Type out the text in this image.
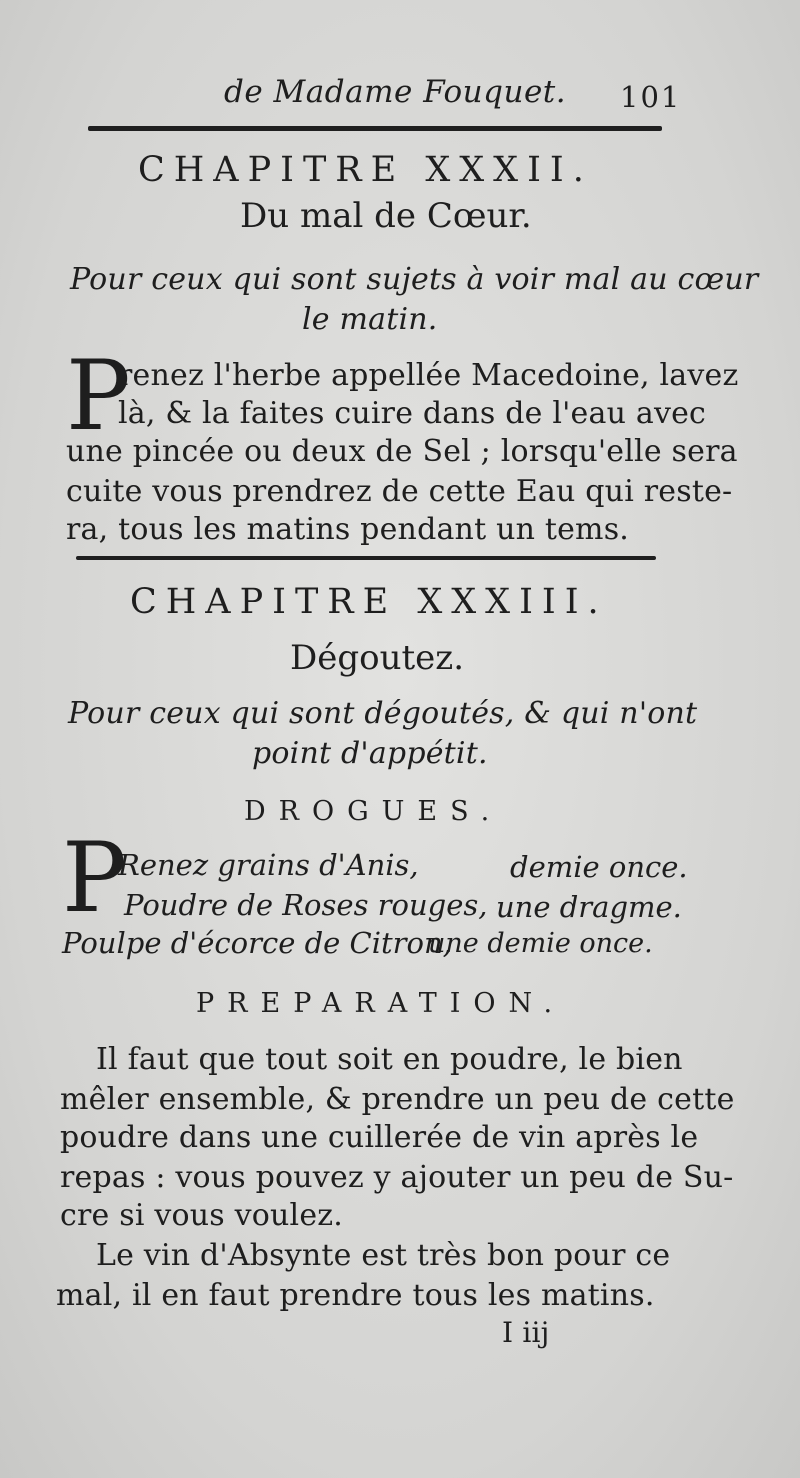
de Madame Fouquet. 101

CHAPITRE XXXII.

Du mal de Cœur.

Pour ceux qui sont sujets à voir mal au cœur

le matin.

P

renez l'herbe appellée Macedoine, lavez

là, & la faites cuire dans de l'eau avec

une pincée ou deux de Sel ; lorsqu'elle sera

cuite vous prendrez de cette Eau qui reste-

ra, tous les matins pendant un tems.

CHAPITRE XXXIII.

Dégoutez.

Pour ceux qui sont dégoutés, & qui n'ont

point d'appétit.

DROGUES.

P

Renez grains d'Anis,	demie once.

Poudre de Roses rouges, une dragme.

Poulpe d'écorce de Citron,

une demie once.

PREPARATION.

Il faut que tout soit en poudre, le bien

mêler ensemble, & prendre un peu de cette

poudre dans une cuillerée de vin après le

repas : vous pouvez y ajouter un peu de Su-

cre si vous voulez.

Le vin d'Absynte est très bon pour ce

mal, il en faut prendre tous les matins.

I iij
